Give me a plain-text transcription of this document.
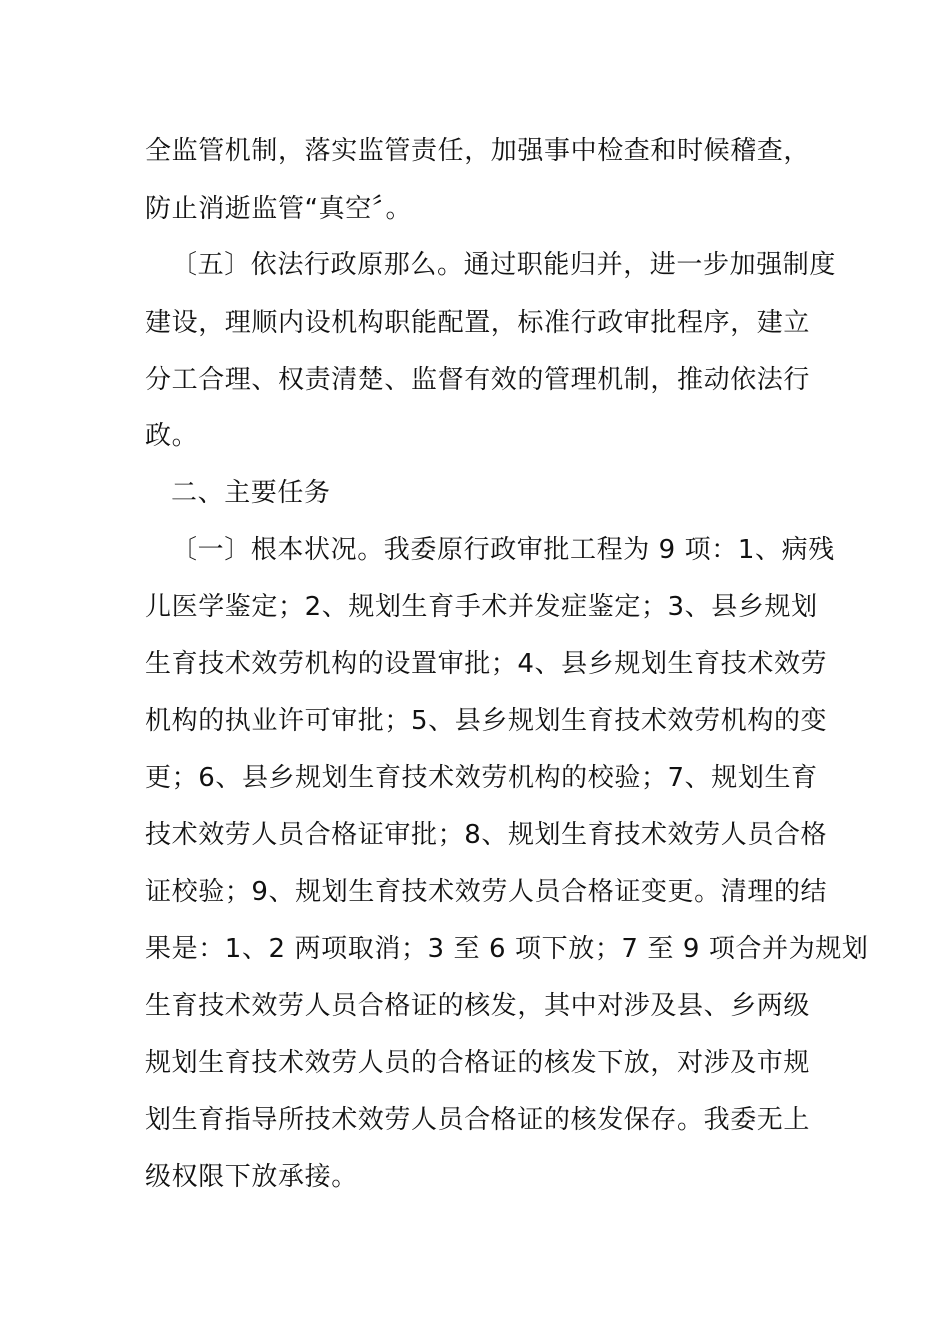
全监管机制，落实监管责任，加强事中检查和时候稽查，
防止消逝监管“真空〞。
〔五〕依法行政原那么。通过职能归并，进一步加强制度
建设，理顺内设机构职能配置，标准行政审批程序，建立
分工合理、权责清楚、监督有效的管理机制，推动依法行
政。
二、主要任务
〔一〕根本状况。我委原行政审批工程为 9 项：1、病残
儿医学鉴定；2、规划生育手术并发症鉴定；3、县乡规划
生育技术效劳机构的设置审批；4、县乡规划生育技术效劳
机构的执业许可审批；5、县乡规划生育技术效劳机构的变
更；6、县乡规划生育技术效劳机构的校验；7、规划生育
技术效劳人员合格证审批；8、规划生育技术效劳人员合格
证校验；9、规划生育技术效劳人员合格证变更。清理的结
果是：1、2 两项取消；3 至 6 项下放；7 至 9 项合并为规划
生育技术效劳人员合格证的核发，其中对涉及县、乡两级
规划生育技术效劳人员的合格证的核发下放，对涉及市规
划生育指导所技术效劳人员合格证的核发保存。我委无上
级权限下放承接。
